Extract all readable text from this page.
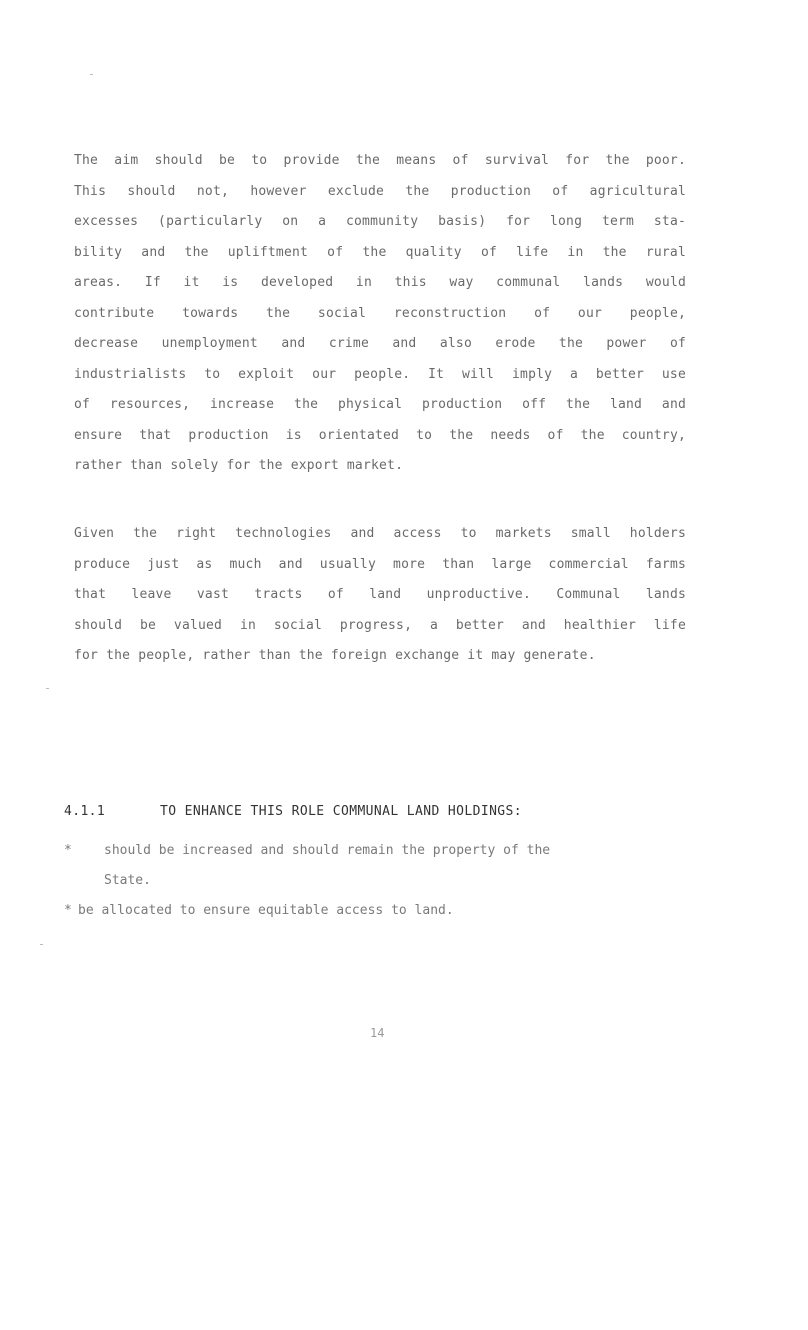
The aim should be to provide the means of survival for the poor.
This should not, however exclude the production of agricultural
excesses (particularly on a community basis) for long term sta-
bility and the upliftment of the quality of life in the rural
areas. If it is developed in this way communal lands would
contribute towards the social reconstruction of our people,
decrease unemployment and crime and also erode the power of
industrialists to exploit our people. It will imply a better use
of resources, increase the physical production off the land and
ensure that production is orientated to the needs of the country,
rather than solely for the export market.
Given the right technologies and access to markets small holders
produce just as much and usually more than large commercial farms
that leave vast tracts of land unproductive. Communal lands
should be valued in social progress, a better and healthier life
for the people, rather than the foreign exchange it may generate.
4.1.1	TO ENHANCE THIS ROLE COMMUNAL LAND HOLDINGS:
* should be increased and should remain the property of the
State.
* be allocated to ensure equitable access to land.
14
